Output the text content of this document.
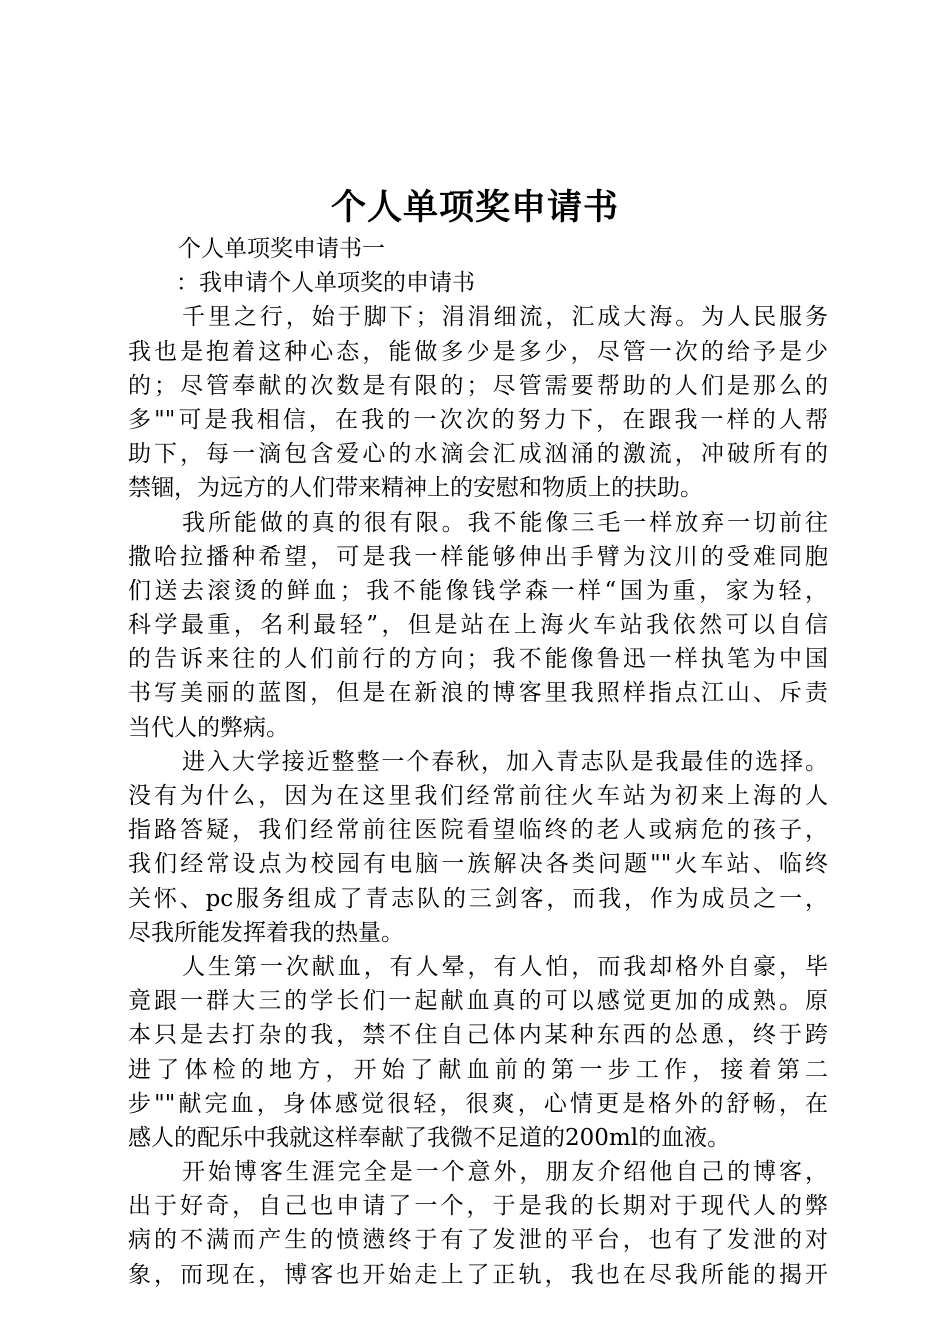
个人单项奖申请书
个人单项奖申请书一
：我申请个人单项奖的申请书
千里之行，始于脚下；涓涓细流，汇成大海。为人民服务
我也是抱着这种心态，能做多少是多少，尽管一次的给予是少
的；尽管奉献的次数是有限的；尽管需要帮助的人们是那么的
多""可是我相信，在我的一次次的努力下，在跟我一样的人帮
助下，每一滴包含爱心的水滴会汇成汹涌的激流，冲破所有的
禁锢，为远方的人们带来精神上的安慰和物质上的扶助。
我所能做的真的很有限。我不能像三毛一样放弃一切前往
撒哈拉播种希望，可是我一样能够伸出手臂为汶川的受难同胞
们送去滚烫的鲜血；我不能像钱学森一样“国为重，家为轻，
科学最重，名利最轻”，但是站在上海火车站我依然可以自信
的告诉来往的人们前行的方向；我不能像鲁迅一样执笔为中国
书写美丽的蓝图，但是在新浪的博客里我照样指点江山、斥责
当代人的弊病。
进入大学接近整整一个春秋，加入青志队是我最佳的选择。
没有为什么，因为在这里我们经常前往火车站为初来上海的人
指路答疑，我们经常前往医院看望临终的老人或病危的孩子，
我们经常设点为校园有电脑一族解决各类问题""火车站、临终
关怀、pc服务组成了青志队的三剑客，而我，作为成员之一，
尽我所能发挥着我的热量。
人生第一次献血，有人晕，有人怕，而我却格外自豪，毕
竟跟一群大三的学长们一起献血真的可以感觉更加的成熟。原
本只是去打杂的我，禁不住自己体内某种东西的怂恿，终于跨
进了体检的地方，开始了献血前的第一步工作，接着第二
步""献完血，身体感觉很轻，很爽，心情更是格外的舒畅，在
感人的配乐中我就这样奉献了我微不足道的200ml的血液。
开始博客生涯完全是一个意外，朋友介绍他自己的博客，
出于好奇，自己也申请了一个，于是我的长期对于现代人的弊
病的不满而产生的愤懑终于有了发泄的平台，也有了发泄的对
象，而现在，博客也开始走上了正轨，我也在尽我所能的揭开
